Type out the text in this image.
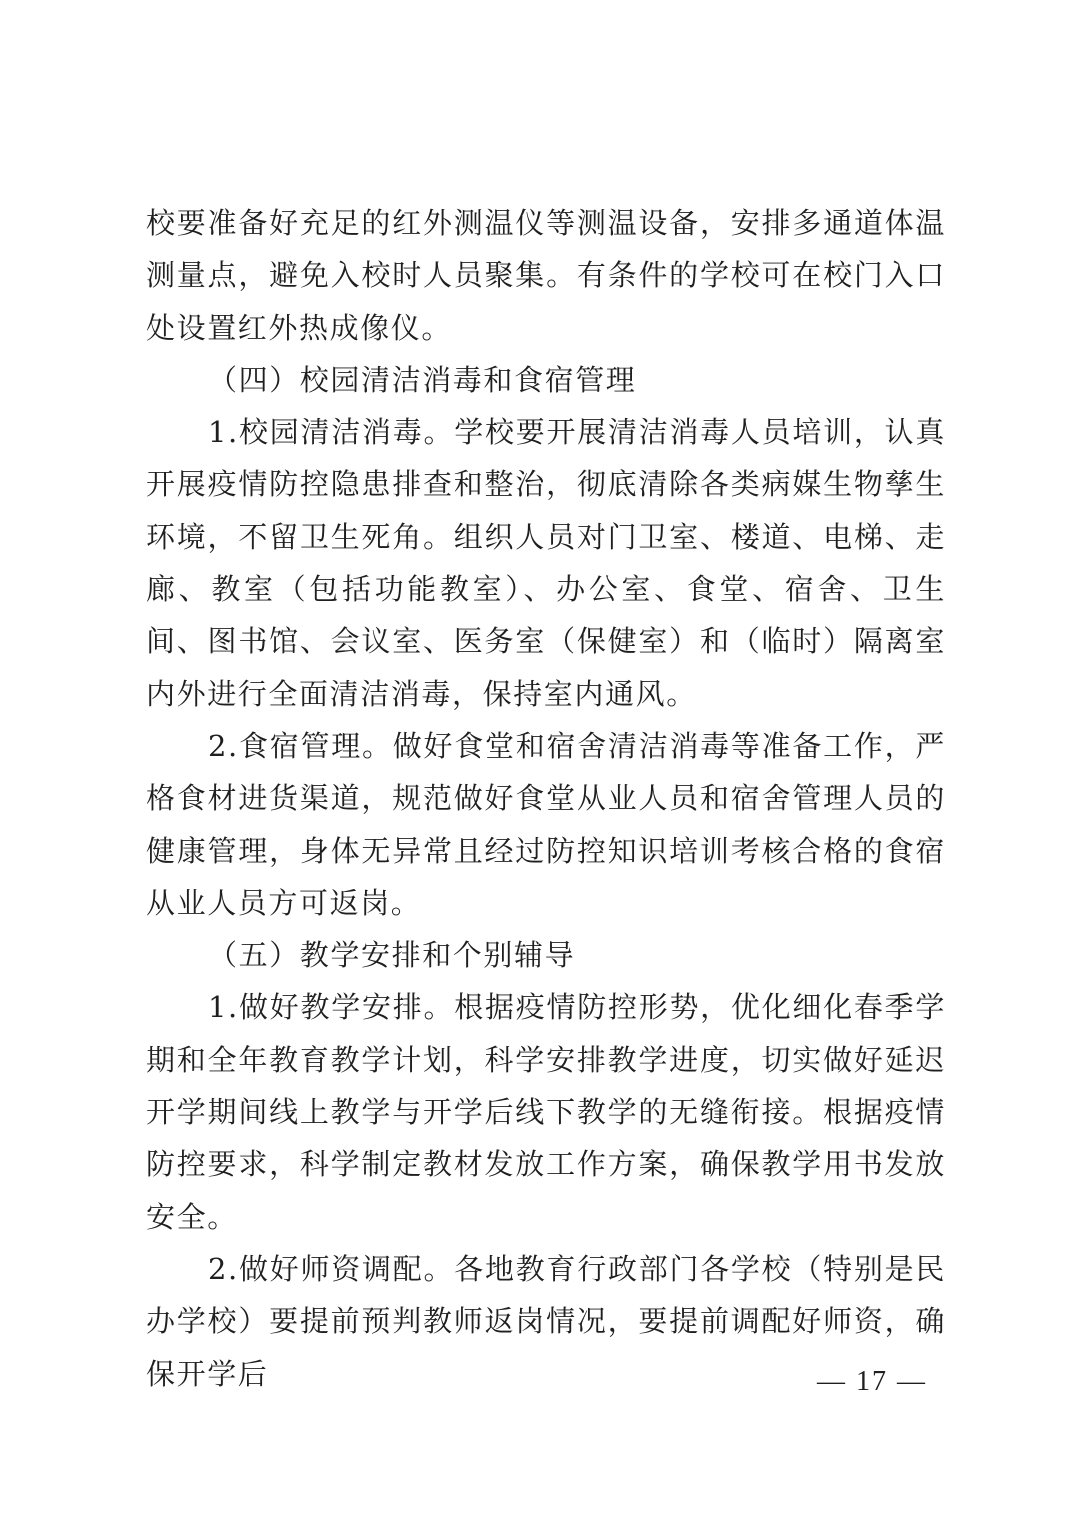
校要准备好充足的红外测温仪等测温设备，安排多通道体温测量点，避免入校时人员聚集。有条件的学校可在校门入口处设置红外热成像仪。

（四）校园清洁消毒和食宿管理

1.校园清洁消毒。学校要开展清洁消毒人员培训，认真开展疫情防控隐患排查和整治，彻底清除各类病媒生物孳生环境，不留卫生死角。组织人员对门卫室、楼道、电梯、走廊、教室（包括功能教室）、办公室、食堂、宿舍、卫生间、图书馆、会议室、医务室（保健室）和（临时）隔离室内外进行全面清洁消毒，保持室内通风。

2.食宿管理。做好食堂和宿舍清洁消毒等准备工作，严格食材进货渠道，规范做好食堂从业人员和宿舍管理人员的健康管理，身体无异常且经过防控知识培训考核合格的食宿从业人员方可返岗。

（五）教学安排和个别辅导

1.做好教学安排。根据疫情防控形势，优化细化春季学期和全年教育教学计划，科学安排教学进度，切实做好延迟开学期间线上教学与开学后线下教学的无缝衔接。根据疫情防控要求，科学制定教材发放工作方案，确保教学用书发放安全。

2.做好师资调配。各地教育行政部门各学校（特别是民办学校）要提前预判教师返岗情况，要提前调配好师资，确保开学后	— 17 —
